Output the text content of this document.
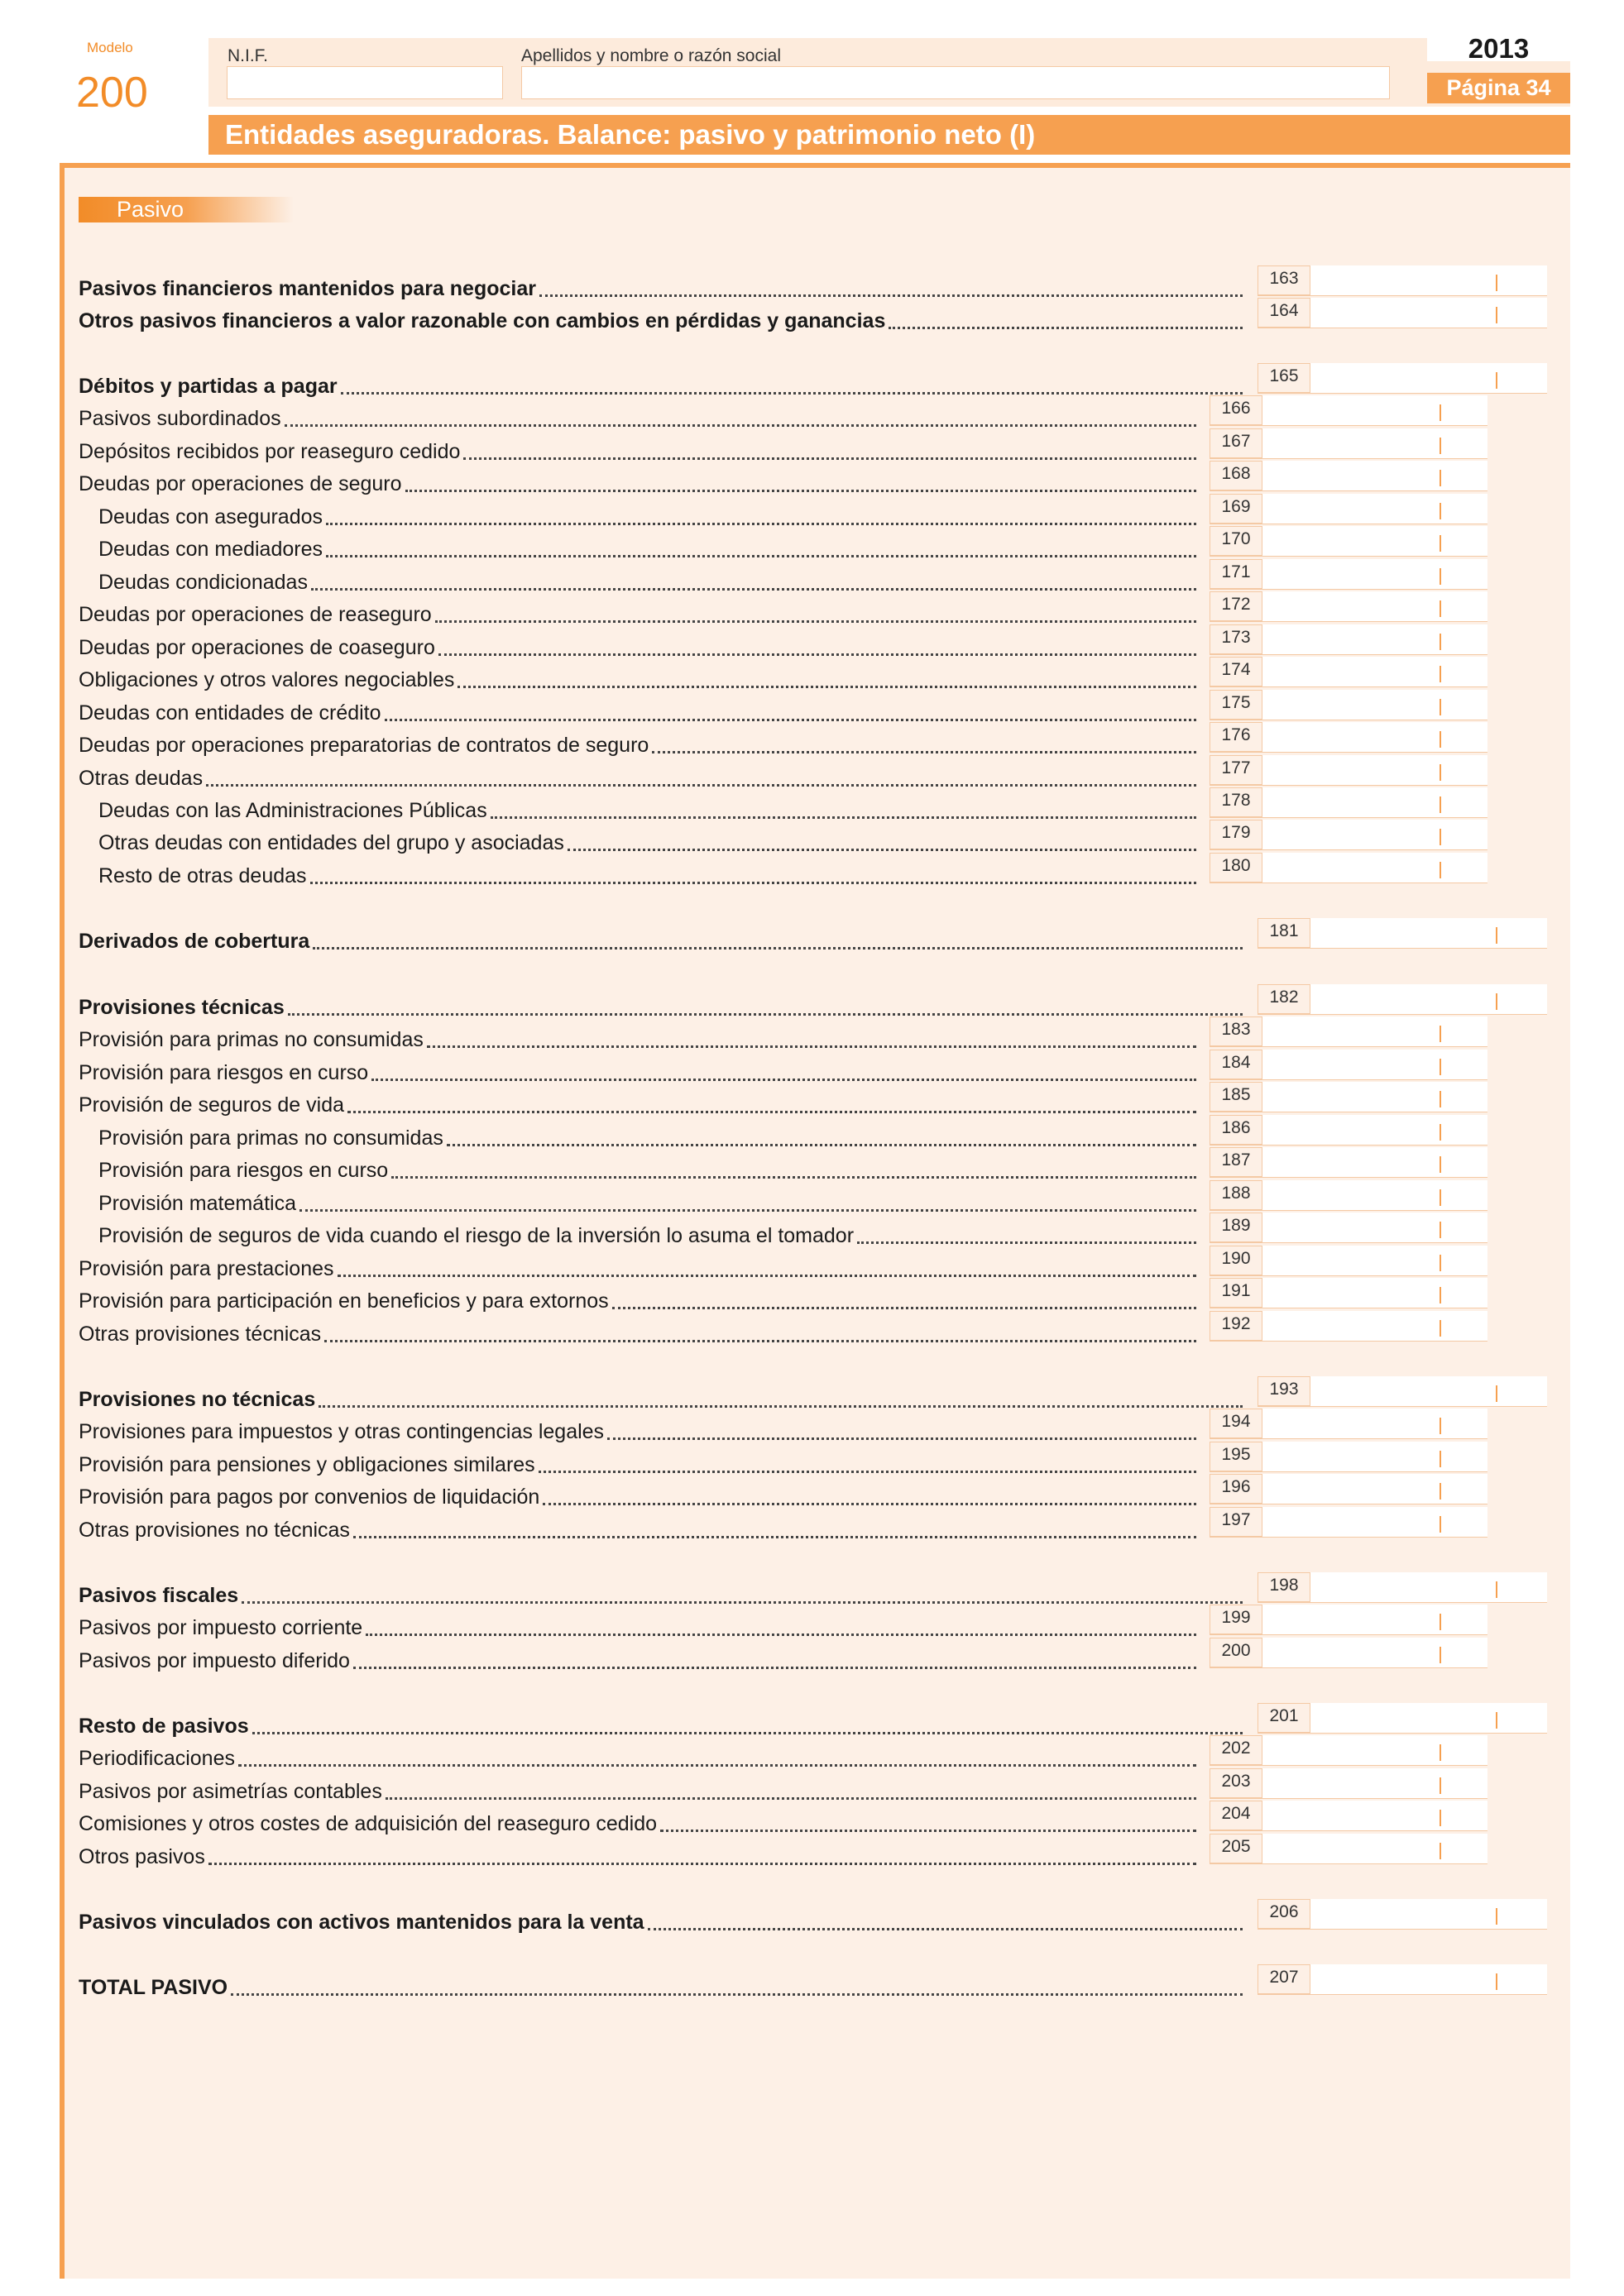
Modelo
200
N.I.F.	Apellidos y nombre o razón social	2013
Página 34
Entidades aseguradoras. Balance: pasivo y patrimonio neto (I)
Pasivo
Pasivos financieros mantenidos para negociar	163
Otros pasivos financieros a valor razonable con cambios en pérdidas y ganancias	164
Débitos y partidas a pagar	165
Pasivos subordinados	166
Depósitos recibidos por reaseguro cedido	167
Deudas por operaciones de seguro	168
Deudas con asegurados	169
Deudas con mediadores	170
Deudas condicionadas	171
Deudas por operaciones de reaseguro	172
Deudas por operaciones de coaseguro	173
Obligaciones y otros valores negociables	174
Deudas con entidades de crédito	175
Deudas por operaciones preparatorias de contratos de seguro	176
Otras deudas	177
Deudas con las Administraciones Públicas	178
Otras deudas con entidades del grupo y asociadas	179
Resto de otras deudas	180
Derivados de cobertura	181
Provisiones técnicas	182
Provisión para primas no consumidas	183
Provisión para riesgos en curso	184
Provisión de seguros de vida	185
Provisión para primas no consumidas	186
Provisión para riesgos en curso	187
Provisión matemática	188
Provisión de seguros de vida cuando el riesgo de la inversión lo asuma el tomador	189
Provisión para prestaciones	190
Provisión para participación en beneficios y para extornos	191
Otras provisiones técnicas	192
Provisiones no técnicas	193
Provisiones para impuestos y otras contingencias legales	194
Provisión para pensiones y obligaciones similares	195
Provisión para pagos por convenios de liquidación	196
Otras provisiones no técnicas	197
Pasivos fiscales	198
Pasivos por impuesto corriente	199
Pasivos por impuesto diferido	200
Resto de pasivos	201
Periodificaciones	202
Pasivos por asimetrías contables	203
Comisiones y otros costes de adquisición del reaseguro cedido	204
Otros pasivos	205
Pasivos vinculados con activos mantenidos para la venta	206
TOTAL PASIVO	207
